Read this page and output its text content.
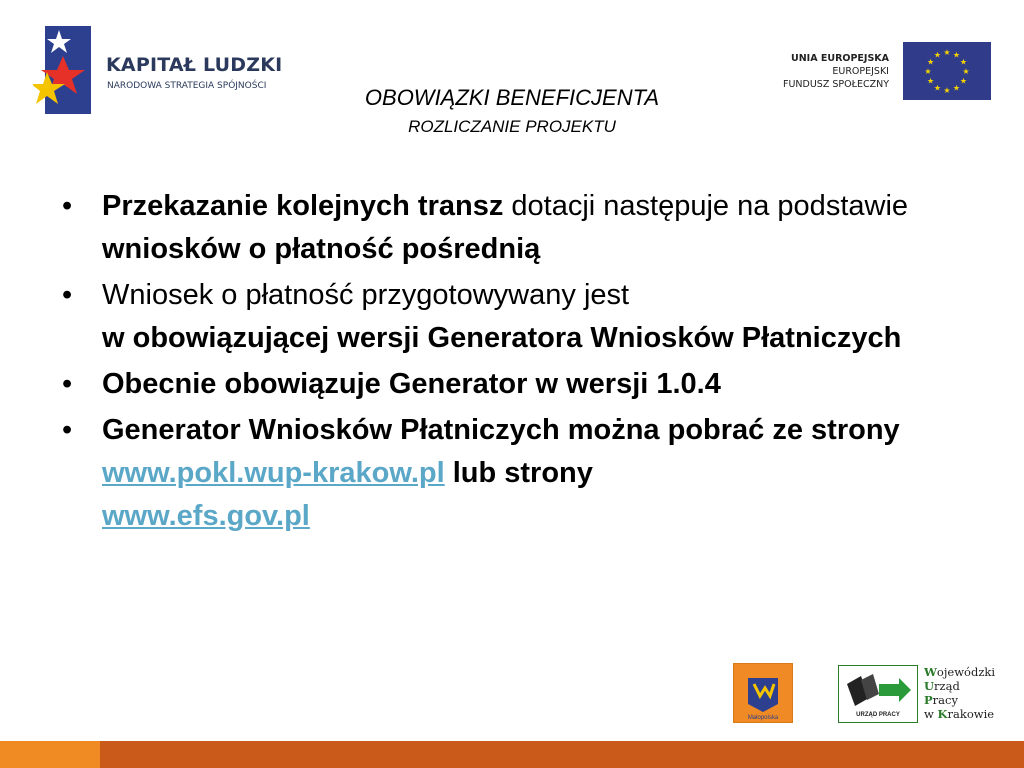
KAPITAŁ LUDZKI
NARODOWA STRATEGIA SPÓJNOŚCI
UNIA EUROPEJSKA
EUROPEJSKI
FUNDUSZ SPOŁECZNY
★
★
★
★
★
★
★
★
★ ★ ★
★
OBOWIĄZKI BENEFICJENTA
ROZLICZANIE PROJEKTU
• Przekazanie kolejnych transz dotacji następuje na podstawie wniosków o płatność pośrednią
• Wniosek o płatność przygotowywany jest
w obowiązującej wersji Generatora Wniosków Płatniczych
• Obecnie obowiązuje Generator w wersji 1.0.4
• Generator Wniosków Płatniczych można pobrać ze strony www.pokl.wup-krakow.pl lub strony
www.efs.gov.pl
Małopolska	URZĄD PRACY
Wojewódzki
Urząd
Pracy
w Krakowie
